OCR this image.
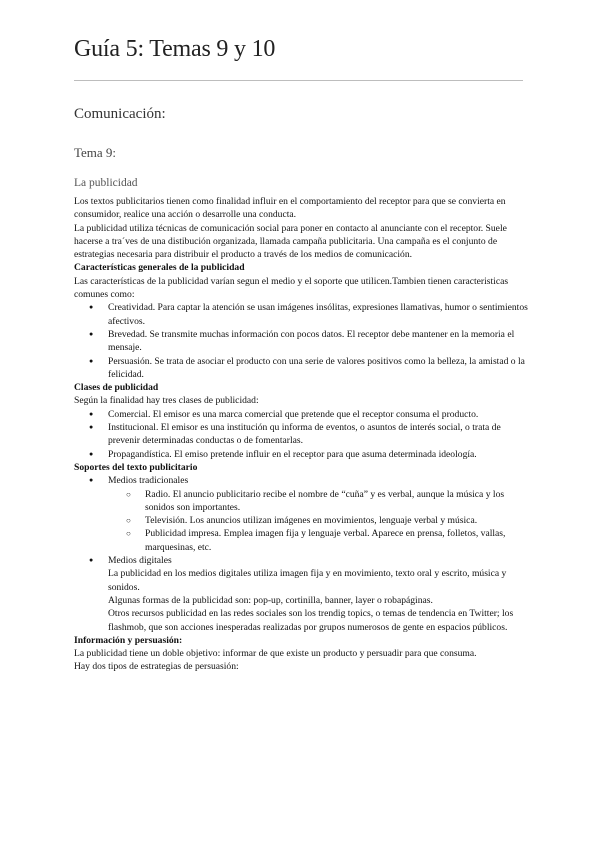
Guía 5: Temas 9 y 10
Comunicación:
Tema 9:
La publicidad

Los textos publicitarios tienen como finalidad influir en el comportamiento del receptor para que se convierta en consumidor, realice una acción o desarrolle una conducta.

La publicidad utiliza técnicas de comunicación social para poner en contacto al anunciante con el receptor. Suele hacerse a tra´ves de una distibución organizada, llamada campaña publicitaria. Una campaña es el conjunto de estrategias necesaria para distribuir el producto a través de los medios de comunicación.

Características generales de la publicidad

Las características de la publicidad varían segun el medio y el soporte que utilicen.Tambien tienen caracteristicas comunes como:

● Creatividad. Para captar la atención se usan imágenes insólitas, expresiones llamativas, humor o sentimientos afectivos.
● Brevedad. Se transmite muchas información con pocos datos. El receptor debe mantener en la memoria el mensaje.
● Persuasión. Se trata de asociar el producto con una serie de valores positivos como la belleza, la amistad o la felicidad.

Clases de publicidad

Según la finalidad hay tres clases de publicidad:

● Comercial. El emisor es una marca comercial que pretende que el receptor consuma el producto.
● Institucional. El emisor es una institución qu informa de eventos, o asuntos de interés social, o trata de prevenir determinadas conductas o de fomentarlas.
● Propagandística. El emiso pretende influir en el receptor para que asuma determinada ideología.

Soportes del texto publicitario

● Medios tradicionales
○ Radio. El anuncio publicitario recibe el nombre de “cuña” y es verbal, aunque la música y los sonidos son importantes.
○ Televisión. Los anuncios utilizan imágenes en movimientos, lenguaje verbal y música.
○ Publicidad impresa. Emplea imagen fija y lenguaje verbal. Aparece en prensa, folletos, vallas, marquesinas, etc.
● Medios digitales
La publicidad en los medios digitales utiliza imagen fija y en movimiento, texto oral y escrito, música y sonidos.
Algunas formas de la publicidad son: pop-up, cortinilla, banner, layer o robapáginas.
Otros recursos publicidad en las redes sociales son los trendig topics, o temas de tendencia en Twitter; los flashmob, que son acciones inesperadas realizadas por grupos numerosos de gente en espacios públicos.

Información y persuasión:

La publicidad tiene un doble objetivo: informar de que existe un producto y persuadir para que consuma.

Hay dos tipos de estrategias de persuasión:
